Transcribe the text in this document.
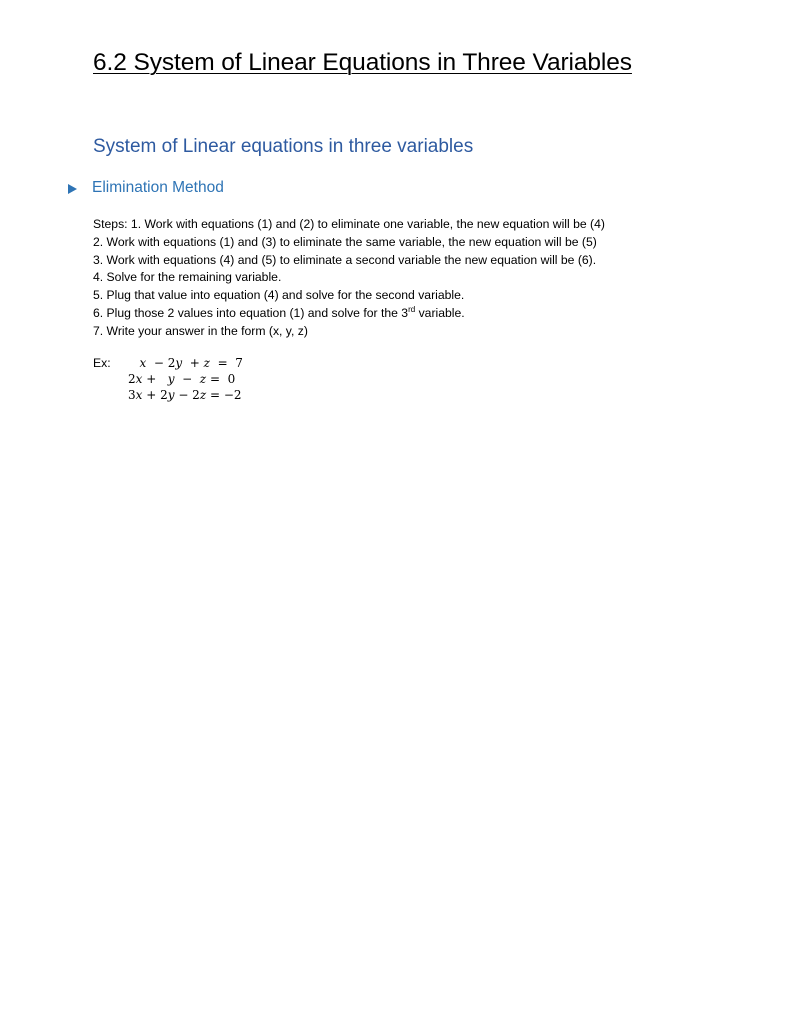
6.2 System of Linear Equations in Three Variables
System of Linear equations in three variables
Elimination Method
Steps: 1. Work with equations (1) and (2) to eliminate one variable, the new equation will be (4)
2. Work with equations (1) and (3) to eliminate the same variable, the new equation will be (5)
3. Work with equations (4) and (5) to eliminate a second variable the new equation will be (6).
4. Solve for the remaining variable.
5. Plug that value into equation (4) and solve for the second variable.
6. Plug those 2 values into equation (1) and solve for the 3rd variable.
7. Write your answer in the form (x, y, z)
Ex: 𝑥  − 2𝑦  + 𝑧  =  7
2𝑥 +   𝑦  −  𝑧 =  0
3𝑥 + 2𝑦 − 2𝑧 = −2
